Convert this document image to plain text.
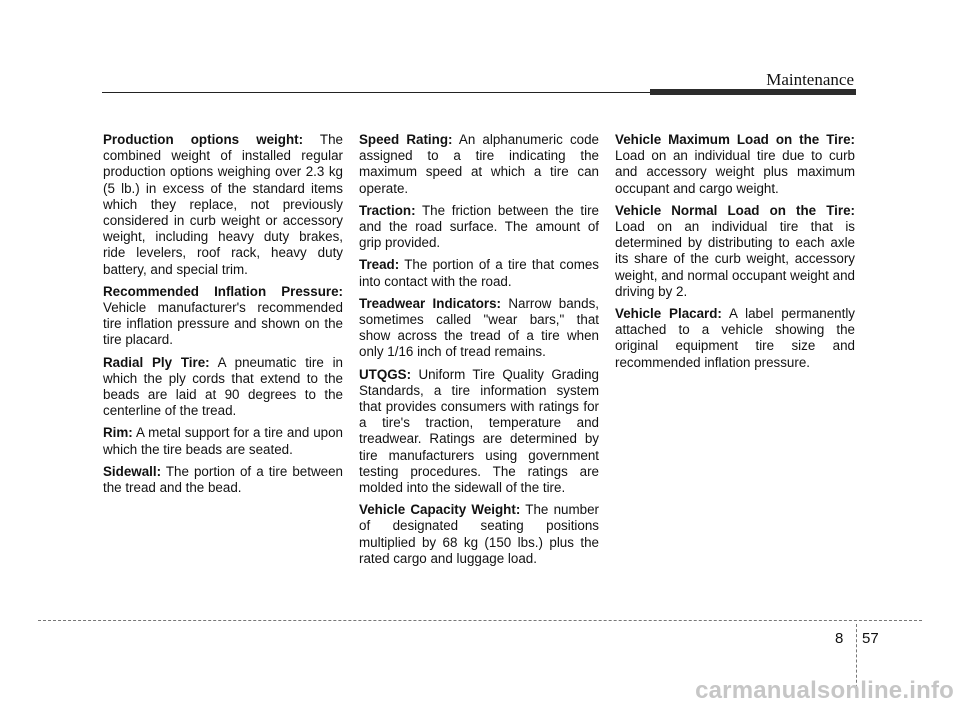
Maintenance

Production options weight: The combined weight of installed regular production options weighing over 2.3 kg (5 lb.) in excess of the standard items which they replace, not previously considered in curb weight or accessory weight, including heavy duty brakes, ride levelers, roof rack, heavy duty battery, and special trim.

Recommended Inflation Pressure: Vehicle manufacturer's recommended tire inflation pressure and shown on the tire placard.

Radial Ply Tire: A pneumatic tire in which the ply cords that extend to the beads are laid at 90 degrees to the centerline of the tread.

Rim: A metal support for a tire and upon which the tire beads are seated.

Sidewall: The portion of a tire between the tread and the bead.

Speed Rating: An alphanumeric code assigned to a tire indicating the maximum speed at which a tire can operate.

Traction: The friction between the tire and the road surface. The amount of grip provided.

Tread: The portion of a tire that comes into contact with the road.

Treadwear Indicators: Narrow bands, sometimes called "wear bars," that show across the tread of a tire when only 1/16 inch of tread remains.

UTQGS: Uniform Tire Quality Grading Standards, a tire information system that provides consumers with ratings for a tire's traction, temperature and treadwear. Ratings are determined by tire manufacturers using government testing procedures. The ratings are molded into the sidewall of the tire.

Vehicle Capacity Weight: The number of designated seating positions multiplied by 68 kg (150 lbs.) plus the rated cargo and luggage load.

Vehicle Maximum Load on the Tire: Load on an individual tire due to curb and accessory weight plus maximum occupant and cargo weight.

Vehicle Normal Load on the Tire: Load on an individual tire that is determined by distributing to each axle its share of the curb weight, accessory weight, and normal occupant weight and driving by 2.

Vehicle Placard: A label permanently attached to a vehicle showing the original equipment tire size and recommended inflation pressure.

8 57
carmanualsonline.info
